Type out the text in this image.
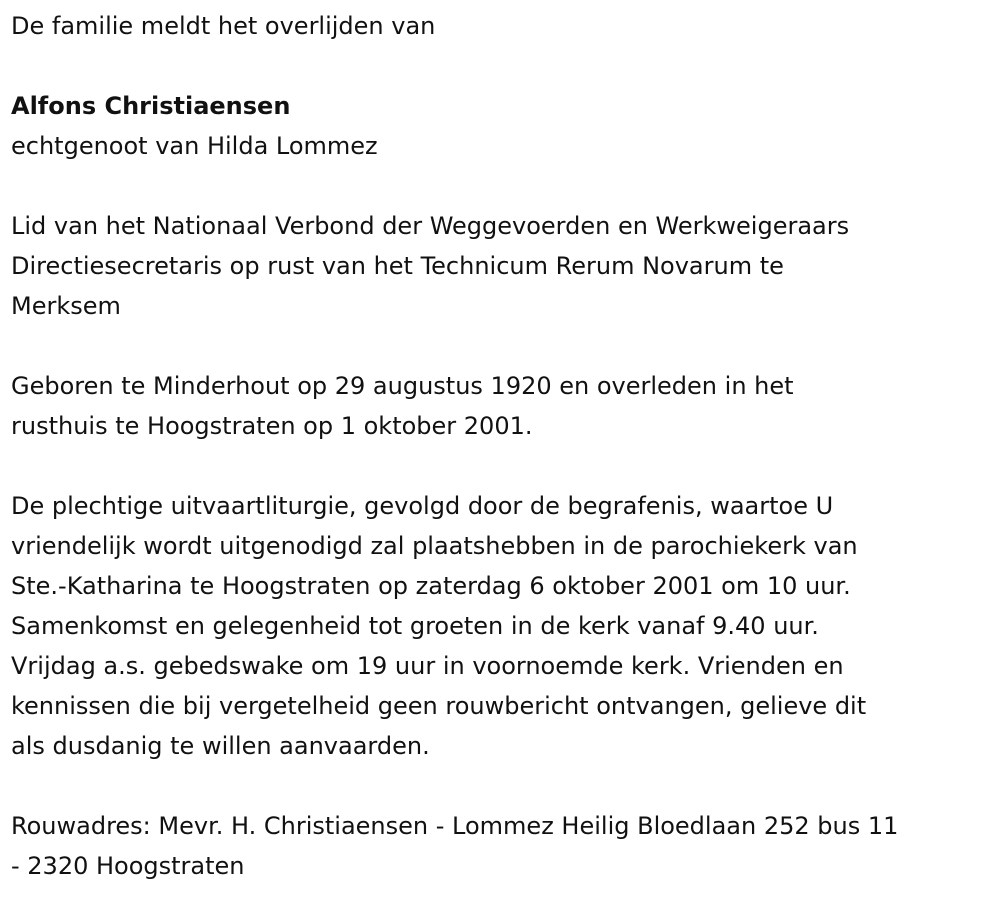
De familie meldt het overlijden van
Alfons Christiaensen
echtgenoot van Hilda Lommez
Lid van het Nationaal Verbond der Weggevoerden en Werkweigeraars
Directiesecretaris op rust van het Technicum Rerum Novarum te
Merksem
Geboren te Minderhout op 29 augustus 1920 en overleden in het
rusthuis te Hoogstraten op 1 oktober 2001.
De plechtige uitvaartliturgie, gevolgd door de begrafenis, waartoe U
vriendelijk wordt uitgenodigd zal plaatshebben in de parochiekerk van
Ste.-Katharina te Hoogstraten op zaterdag 6 oktober 2001 om 10 uur.
Samenkomst en gelegenheid tot groeten in de kerk vanaf 9.40 uur.
Vrijdag a.s. gebedswake om 19 uur in voornoemde kerk. Vrienden en
kennissen die bij vergetelheid geen rouwbericht ontvangen, gelieve dit
als dusdanig te willen aanvaarden.
Rouwadres: Mevr. H. Christiaensen - Lommez Heilig Bloedlaan 252 bus 11
- 2320 Hoogstraten
